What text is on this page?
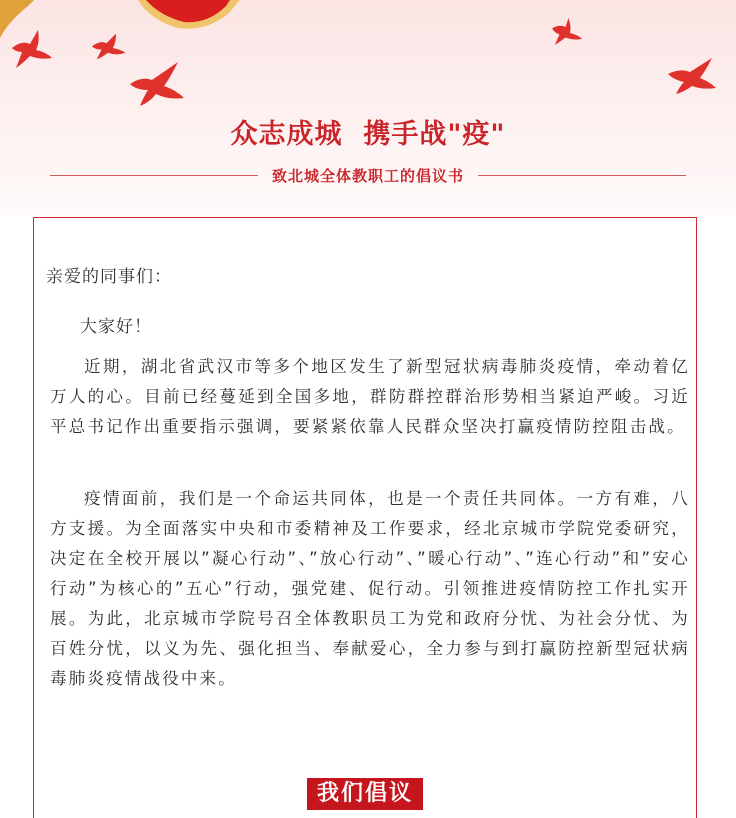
众志成城  携手战"疫"
致北城全体教职工的倡议书
亲爱的同事们：
大家好！

近期，湖北省武汉市等多个地区发生了新型冠状病毒肺炎疫情，牵动着亿万人的心。目前已经蔓延到全国多地，群防群控群治形势相当紧迫严峻。习近平总书记作出重要指示强调，要紧紧依靠人民群众坚决打赢疫情防控阻击战。

疫情面前，我们是一个命运共同体，也是一个责任共同体。一方有难，八方支援。为全面落实中央和市委精神及工作要求，经北京城市学院党委研究，决定在全校开展以”凝心行动”、”放心行动”、”暖心行动”、”连心行动”和”安心行动”为核心的”五心”行动，强党建、促行动。引领推进疫情防控工作扎实开展。为此，北京城市学院号召全体教职员工为党和政府分忧、为社会分忧、为百姓分忧，以义为先、强化担当、奉献爱心，全力参与到打赢防控新型冠状病毒肺炎疫情战役中来。

我们倡议
